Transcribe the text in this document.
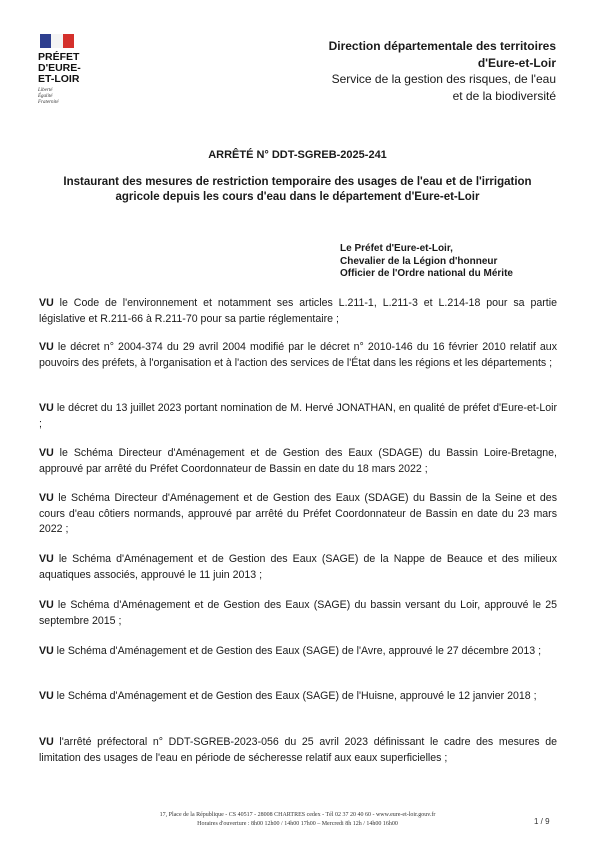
PRÉFET
D'EURE-
ET-LOIR
Liberté
Égalité
Fraternité
Direction départementale des territoires
d'Eure-et-Loir
Service de la gestion des risques, de l'eau
et de la biodiversité
ARRÊTÉ N° DDT-SGREB-2025-241
Instaurant des mesures de restriction temporaire des usages de l'eau et de l'irrigation agricole depuis les cours d'eau dans le département d'Eure-et-Loir
Le Préfet d'Eure-et-Loir,
Chevalier de la Légion d'honneur
Officier de l'Ordre national du Mérite

VU le Code de l'environnement et notamment ses articles L.211-1, L.211-3 et L.214-18 pour sa partie législative et R.211-66 à R.211-70 pour sa partie réglementaire ;

VU le décret n° 2004-374 du 29 avril 2004 modifié par le décret n° 2010-146 du 16 février 2010 relatif aux pouvoirs des préfets, à l'organisation et à l'action des services de l'État dans les régions et les départements ;

VU le décret du 13 juillet 2023 portant nomination de M. Hervé JONATHAN, en qualité de préfet d'Eure-et-Loir ;

VU le Schéma Directeur d'Aménagement et de Gestion des Eaux (SDAGE) du Bassin Loire-Bretagne, approuvé par arrêté du Préfet Coordonnateur de Bassin en date du 18 mars 2022 ;

VU le Schéma Directeur d'Aménagement et de Gestion des Eaux (SDAGE) du Bassin de la Seine et des cours d'eau côtiers normands, approuvé par arrêté du Préfet Coordonnateur de Bassin en date du 23 mars 2022 ;

VU le Schéma d'Aménagement et de Gestion des Eaux (SAGE) de la Nappe de Beauce et des milieux aquatiques associés, approuvé le 11 juin 2013 ;

VU le Schéma d'Aménagement et de Gestion des Eaux (SAGE) du bassin versant du Loir, approuvé le 25 septembre 2015 ;

VU le Schéma d'Aménagement et de Gestion des Eaux (SAGE) de l'Avre, approuvé le 27 décembre 2013 ;

VU le Schéma d'Aménagement et de Gestion des Eaux (SAGE) de l'Huisne, approuvé le 12 janvier 2018 ;

VU l'arrêté préfectoral n° DDT-SGREB-2023-056 du 25 avril 2023 définissant le cadre des mesures de limitation des usages de l'eau en période de sécheresse relatif aux eaux superficielles ;

17, Place de la République - CS 40517 - 28008 CHARTRES cedex - Tél 02 37 20 40 60 - www.eure-et-loir.gouv.fr
Horaires d'ouverture : 8h00 12h00 / 14h00 17h00 – Mercredi 8h 12h / 14h00 16h00	1 / 9
